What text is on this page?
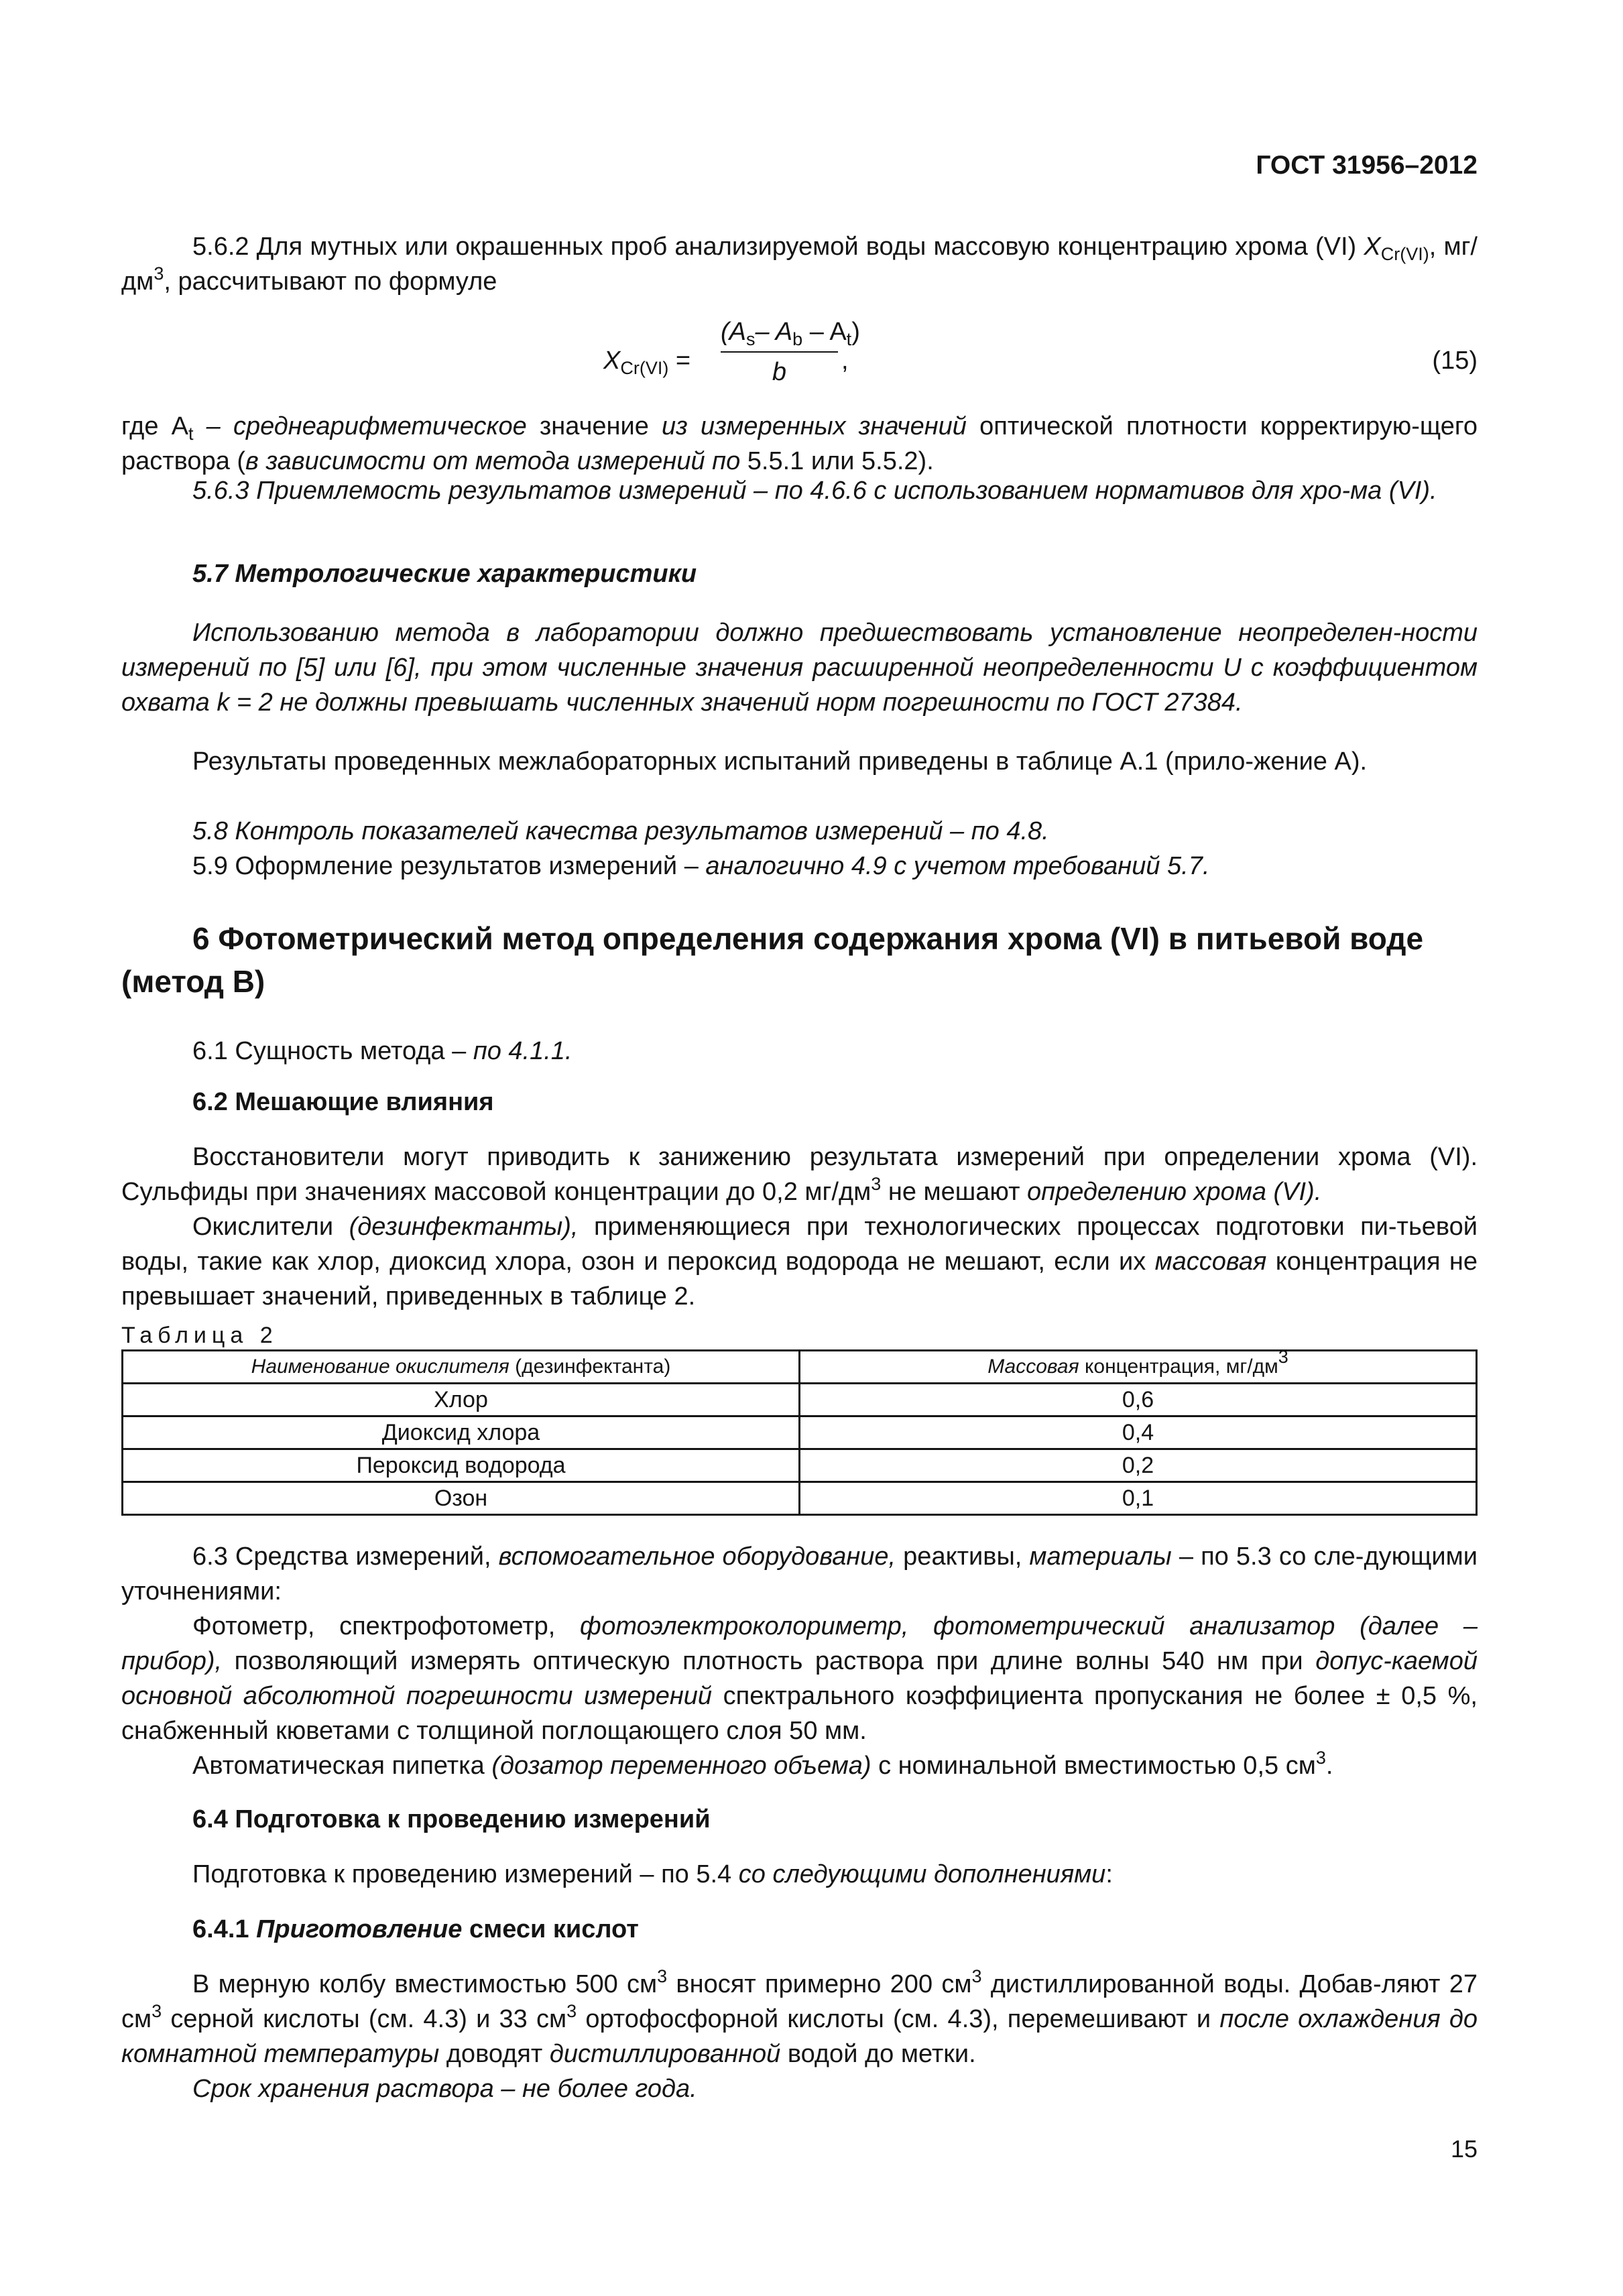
ГОСТ 31956–2012

5.6.2 Для мутных или окрашенных проб анализируемой воды массовую концентрацию хрома (VI) $X_{Cr(VI)}$, $мг/дм^3$, рассчитывают по формуле

$X_{Cr(VI)}$ =
($A_s-$ $A_b - A_t$)
b	,	(15)

где $A_t$ – среднеарифметическое значение из измеренных значений оптической плотности корректирую-щего раствора (в зависимости от метода измерений по 5.5.1 или 5.5.2).

5.6.3 Приемлемость результатов измерений – по 4.6.6 с использованием нормативов для хро-ма (VI).

5.7 Метрологические характеристики

Использованию метода в лаборатории должно предшествовать установление неопределен-ности измерений по [5] или [6], при этом численные значения расширенной неопределенности U с коэффициентом охвата k = 2 не должны превышать численных значений норм погрешности по ГОСТ 27384.

Результаты проведенных межлабораторных испытаний приведены в таблице А.1 (прило-жение А).

5.8 Контроль показателей качества результатов измерений – по 4.8.

5.9 Оформление результатов измерений – аналогично 4.9 с учетом требований 5.7.

6 Фотометрический метод определения содержания хрома (VI) в питьевой воде (метод В)

6.1 Сущность метода – по 4.1.1.

6.2 Мешающие влияния

Восстановители могут приводить к занижению результата измерений при определении хрома (VI). Сульфиды при значениях массовой концентрации до 0,2 $мг/дм^3$ не мешают определению хрома (VI).

Окислители (дезинфектанты), применяющиеся при технологических процессах подготовки пи-тьевой воды, такие как хлор, диоксид хлора, озон и пероксид водорода не мешают, если их массовая концентрация не превышает значений, приведенных в таблице 2.

Таблица 2
Наименование окислителя (дезинфектанта)	Массовая концентрация, $мг/дм^3$
Хлор	0,6
Диоксид хлора	0,4
Пероксид водорода	0,2
Озон	0,1

6.3 Средства измерений, вспомогательное оборудование, реактивы, материалы – по 5.3 со сле-дующими уточнениями:

Фотометр, спектрофотометр, фотоэлектроколориметр, фотометрический анализатор (далее – прибор), позволяющий измерять оптическую плотность раствора при длине волны 540 нм при допус-каемой основной абсолютной погрешности измерений спектрального коэффициента пропускания не более ± 0,5 %, снабженный кюветами с толщиной поглощающего слоя 50 мм.

Автоматическая пипетка (дозатор переменного объема) с номинальной вместимостью 0,5 $см^3$.

6.4 Подготовка к проведению измерений

Подготовка к проведению измерений – по 5.4 со следующими дополнениями:

6.4.1 Приготовление смеси кислот

В мерную колбу вместимостью 500 $см^3$ вносят примерно 200 $см^3$ дистиллированной воды. Добав-ляют 27 $см^3$ серной кислоты (см. 4.3) и 33 $см^3$ ортофосфорной кислоты (см. 4.3), перемешивают и после охлаждения до комнатной температуры доводят дистиллированной водой до метки.

Срок хранения раствора – не более года.

15
